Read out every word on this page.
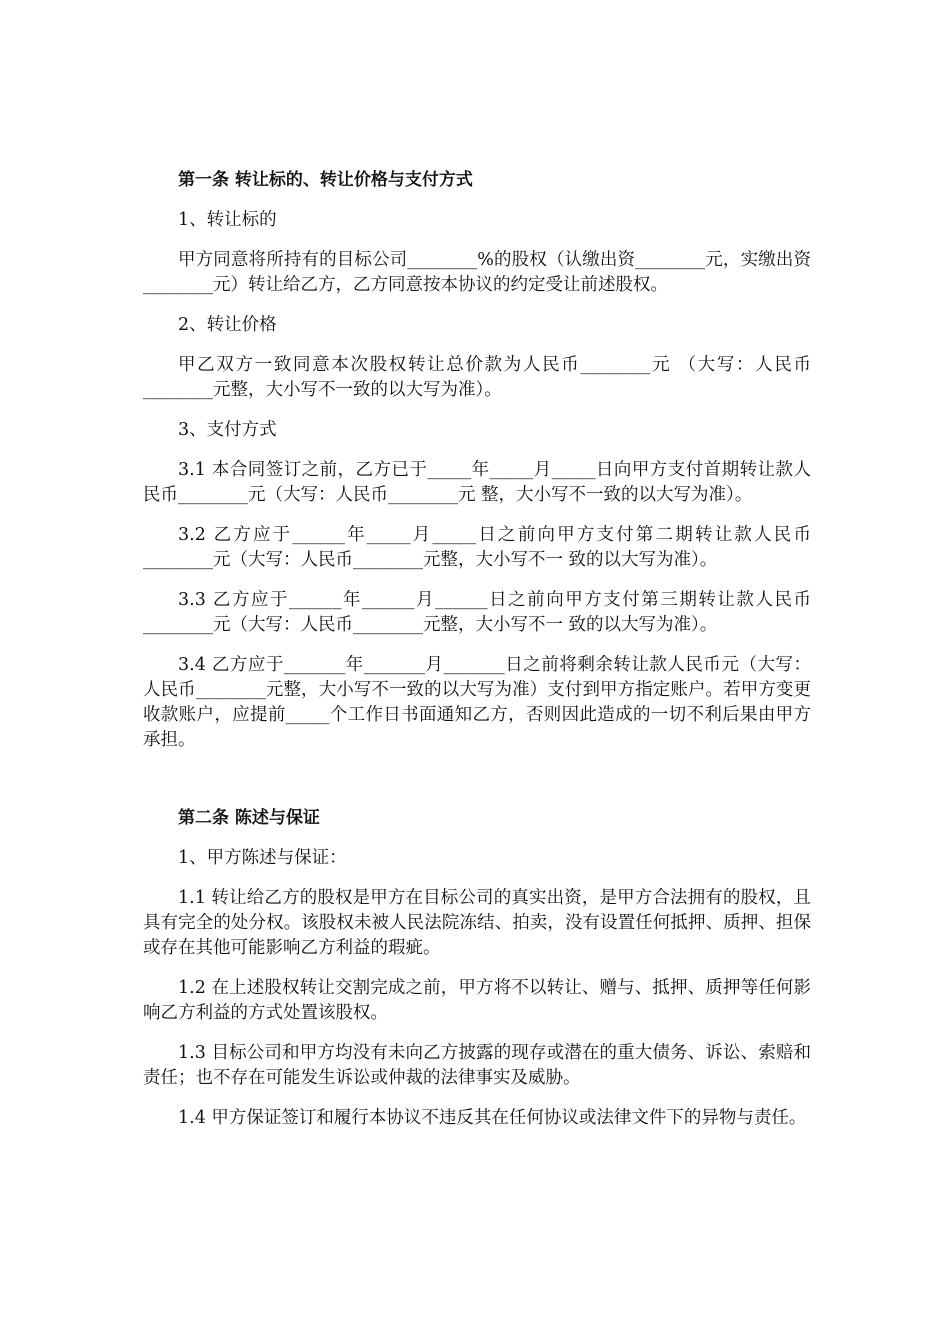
第一条 转让标的、转让价格与支付方式

1、转让标的

甲方同意将所持有的目标公司________%的股权（认缴出资________元，实缴出资________元）转让给乙方，乙方同意按本协议的约定受让前述股权。

2、转让价格

甲乙双方一致同意本次股权转让总价款为人民币________元 （大写：人民币________元整，大小写不一致的以大写为准）。

3、支付方式

3.1 本合同签订之前，乙方已于_____年_____月_____日向甲方支付首期转让款人民币________元（大写：人民币________元 整，大小写不一致的以大写为准）。

3.2 乙方应于______年_____月_____日之前向甲方支付第二期转让款人民币________元（大写：人民币________元整，大小写不一 致的以大写为准）。

3.3 乙方应于______年______月______日之前向甲方支付第三期转让款人民币________元（大写：人民币________元整，大小写不一 致的以大写为准）。

3.4 乙方应于_______年_______月_______日之前将剩余转让款人民币元（大写：人民币________元整，大小写不一致的以大写为准）支付到甲方指定账户。若甲方变更收款账户，应提前_____个工作日书面通知乙方，否则因此造成的一切不利后果由甲方承担。

第二条 陈述与保证

1、甲方陈述与保证：

1.1 转让给乙方的股权是甲方在目标公司的真实出资，是甲方合法拥有的股权，且具有完全的处分权。该股权未被人民法院冻结、拍卖，没有设置任何抵押、质押、担保或存在其他可能影响乙方利益的瑕疵。

1.2 在上述股权转让交割完成之前，甲方将不以转让、赠与、抵押、质押等任何影响乙方利益的方式处置该股权。

1.3 目标公司和甲方均没有未向乙方披露的现存或潜在的重大债务、诉讼、索赔和责任；也不存在可能发生诉讼或仲裁的法律事实及威胁。

1.4 甲方保证签订和履行本协议不违反其在任何协议或法律文件下的异物与责任。
